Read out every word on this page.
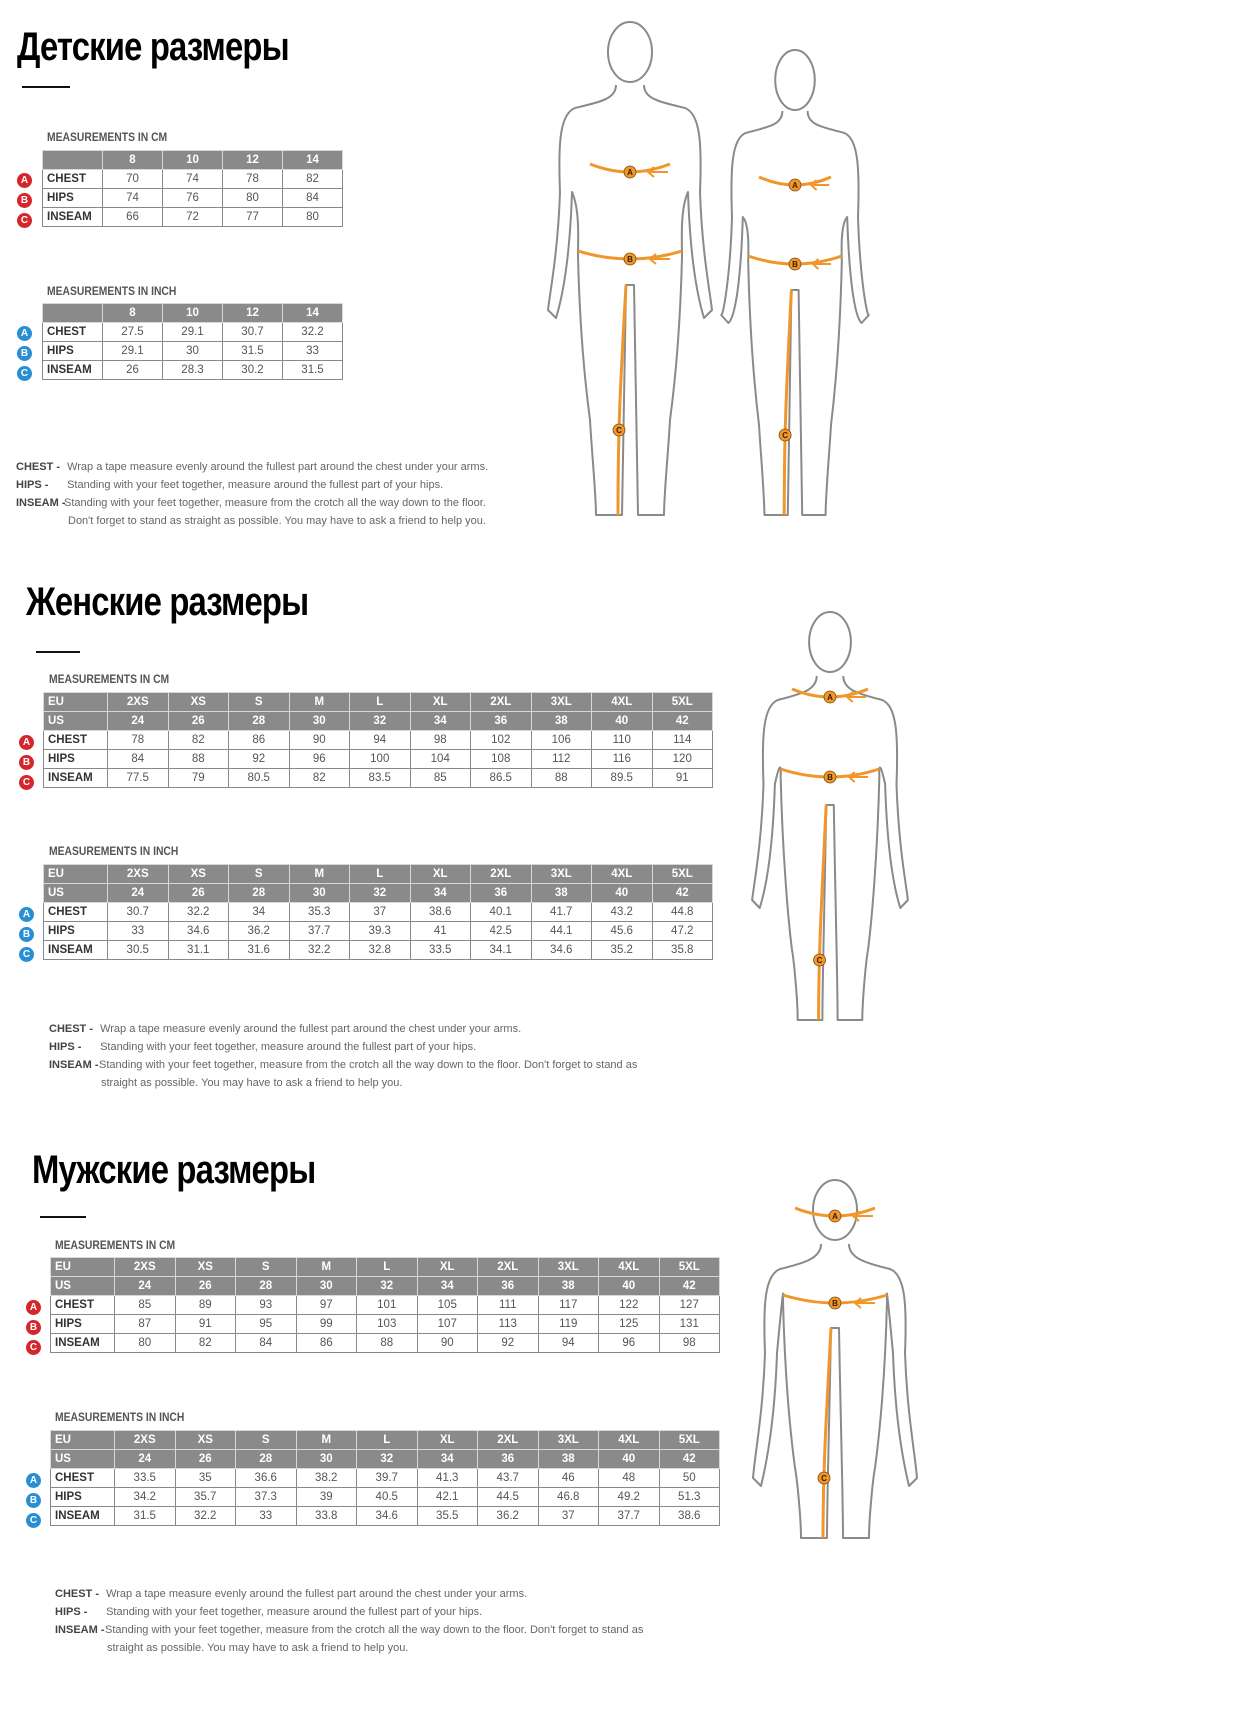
Детские размеры
MEASUREMENTS IN CM
A
B
C
	8	10	12	14
CHEST	70	74	78	82
HIPS	74	76	80	84
INSEAM	66	72	77	80
MEASUREMENTS IN INCH
A
B
C
	8	10	12	14
CHEST	27.5	29.1	30.7	32.2
HIPS	29.1	30	31.5	33
INSEAM	26	28.3	30.2	31.5
CHEST - Wrap a tape measure evenly around the fullest part around the chest under your arms.
HIPS - Standing with your feet together, measure around the fullest part of your hips.
INSEAM -Standing with your feet together, measure from the crotch all the way down to the floor.
Don't forget to stand as straight as possible. You may have to ask a friend to help you.
Женские размеры
MEASUREMENTS IN CM
A
B
C
EU	2XS	XS	S	M	L	XL	2XL	3XL	4XL	5XL
US	24	26	28	30	32	34	36	38	40	42
CHEST	78	82	86	90	94	98	102	106	110	114
HIPS	84	88	92	96	100	104	108	112	116	120
INSEAM	77.5	79	80.5	82	83.5	85	86.5	88	89.5	91
MEASUREMENTS IN INCH
A
B
C
EU	2XS	XS	S	M	L	XL	2XL	3XL	4XL	5XL
US	24	26	28	30	32	34	36	38	40	42
CHEST	30.7	32.2	34	35.3	37	38.6	40.1	41.7	43.2	44.8
HIPS	33	34.6	36.2	37.7	39.3	41	42.5	44.1	45.6	47.2
INSEAM	30.5	31.1	31.6	32.2	32.8	33.5	34.1	34.6	35.2	35.8
CHEST - Wrap a tape measure evenly around the fullest part around the chest under your arms.
HIPS - Standing with your feet together, measure around the fullest part of your hips.
INSEAM -Standing with your feet together, measure from the crotch all the way down to the floor. Don't forget to stand as
straight as possible. You may have to ask a friend to help you.
Мужские размеры
MEASUREMENTS IN CM
A
B
C
EU	2XS	XS	S	M	L	XL	2XL	3XL	4XL	5XL
US	24	26	28	30	32	34	36	38	40	42
CHEST	85	89	93	97	101	105	111	117	122	127
HIPS	87	91	95	99	103	107	113	119	125	131
INSEAM	80	82	84	86	88	90	92	94	96	98
MEASUREMENTS IN INCH
A
B
C
EU	2XS	XS	S	M	L	XL	2XL	3XL	4XL	5XL
US	24	26	28	30	32	34	36	38	40	42
CHEST	33.5	35	36.6	38.2	39.7	41.3	43.7	46	48	50
HIPS	34.2	35.7	37.3	39	40.5	42.1	44.5	46.8	49.2	51.3
INSEAM	31.5	32.2	33	33.8	34.6	35.5	36.2	37	37.7	38.6
CHEST - Wrap a tape measure evenly around the fullest part around the chest under your arms.
HIPS - Standing with your feet together, measure around the fullest part of your hips.
INSEAM -Standing with your feet together, measure from the crotch all the way down to the floor. Don't forget to stand as
straight as possible. You may have to ask a friend to help you.
A
B
C
A
B
C
A
B
C
A
B
C
